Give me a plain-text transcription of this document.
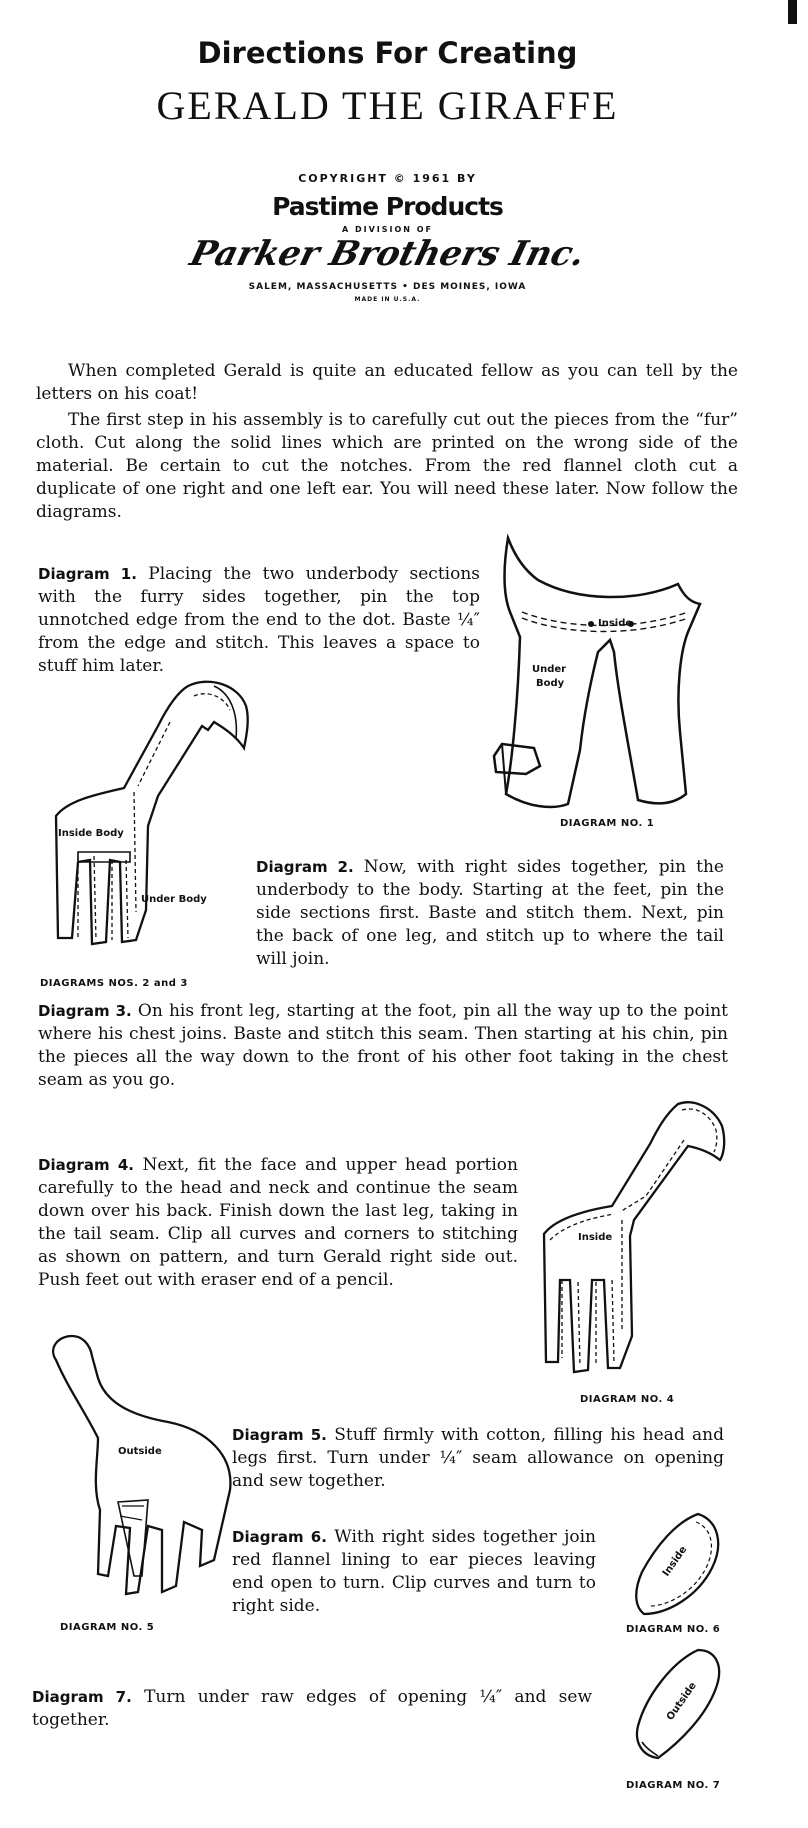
Directions For Creating
GERALD THE GIRAFFE
COPYRIGHT © 1961 BY
Pastime Products
A DIVISION OF
Parker Brothers Inc.
SALEM, MASSACHUSETTS • DES MOINES, IOWA
MADE IN U.S.A.

When completed Gerald is quite an educated fellow as you can tell by the letters on his coat!

The first step in his assembly is to carefully cut out the pieces from the “fur” cloth. Cut along the solid lines which are printed on the wrong side of the material. Be certain to cut the notches. From the red flannel cloth cut a duplicate of one right and one left ear. You will need these later. Now follow the diagrams.

Diagram 1. Placing the two underbody sections with the furry sides together, pin the top unnotched edge from the end to the dot. Baste ¼″ from the edge and stitch. This leaves a space to stuff him later.
Inside
Under
Body
DIAGRAM NO. 1
Inside Body
Under Body
DIAGRAMS NOS. 2 and 3
Diagram 2. Now, with right sides together, pin the underbody to the body. Starting at the feet, pin the side sections first. Baste and stitch them. Next, pin the back of one leg, and stitch up to where the tail will join.
Diagram 3. On his front leg, starting at the foot, pin all the way up to the point where his chest joins. Baste and stitch this seam. Then starting at his chin, pin the pieces all the way down to the front of his other foot taking in the chest seam as you go.
Diagram 4. Next, fit the face and upper head portion carefully to the head and neck and continue the seam down over his back. Finish down the last leg, taking in the tail seam. Clip all curves and corners to stitching as shown on pattern, and turn Gerald right side out. Push feet out with eraser end of a pencil.
Inside
DIAGRAM NO. 4
Outside
DIAGRAM NO. 5
Diagram 5. Stuff firmly with cotton, filling his head and legs first. Turn under ¼″ seam allowance on opening and sew together.
Diagram 6. With right sides together join red flannel lining to ear pieces leaving end open to turn. Clip curves and turn to right side.
Inside
DIAGRAM NO. 6
Diagram 7. Turn under raw edges of opening ¼″ and sew together.	Outside
DIAGRAM NO. 7
